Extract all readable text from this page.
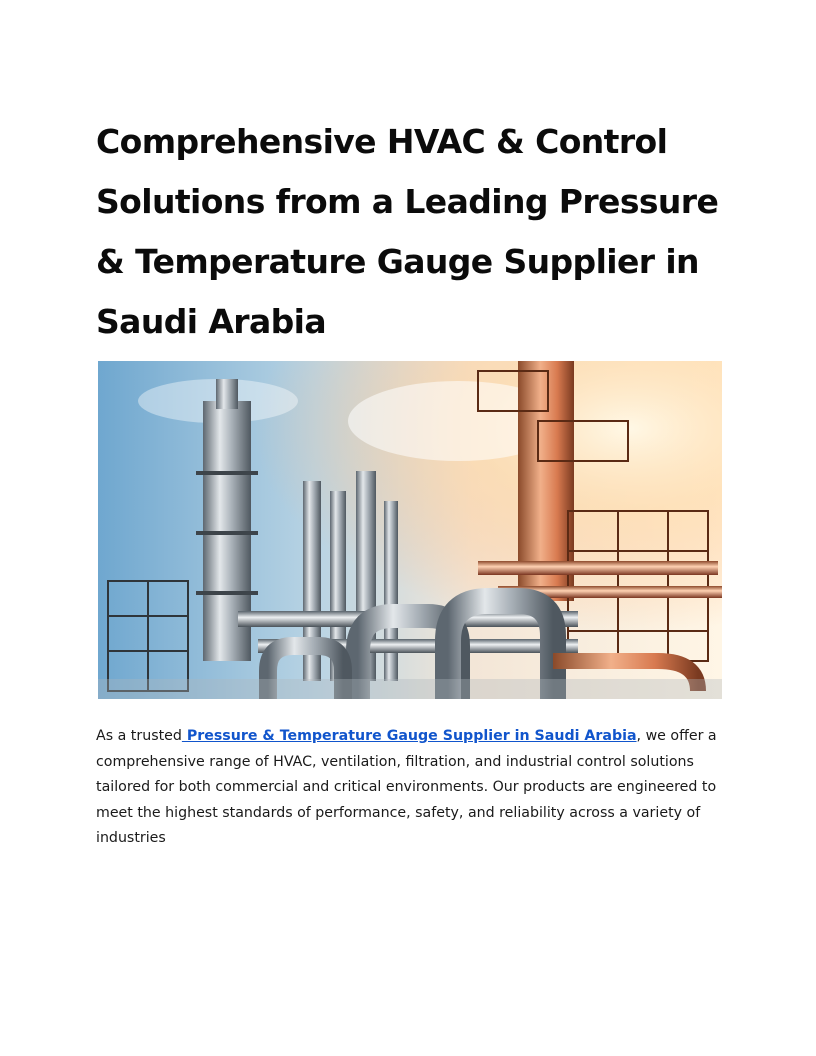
Comprehensive HVAC & Control Solutions from a Leading Pressure & Temperature Gauge Supplier in Saudi Arabia

As a trusted Pressure & Temperature Gauge Supplier in Saudi Arabia, we offer a comprehensive range of HVAC, ventilation, filtration, and industrial control solutions tailored for both commercial and critical environments. Our products are engineered to meet the highest standards of performance, safety, and reliability across a variety of industries
